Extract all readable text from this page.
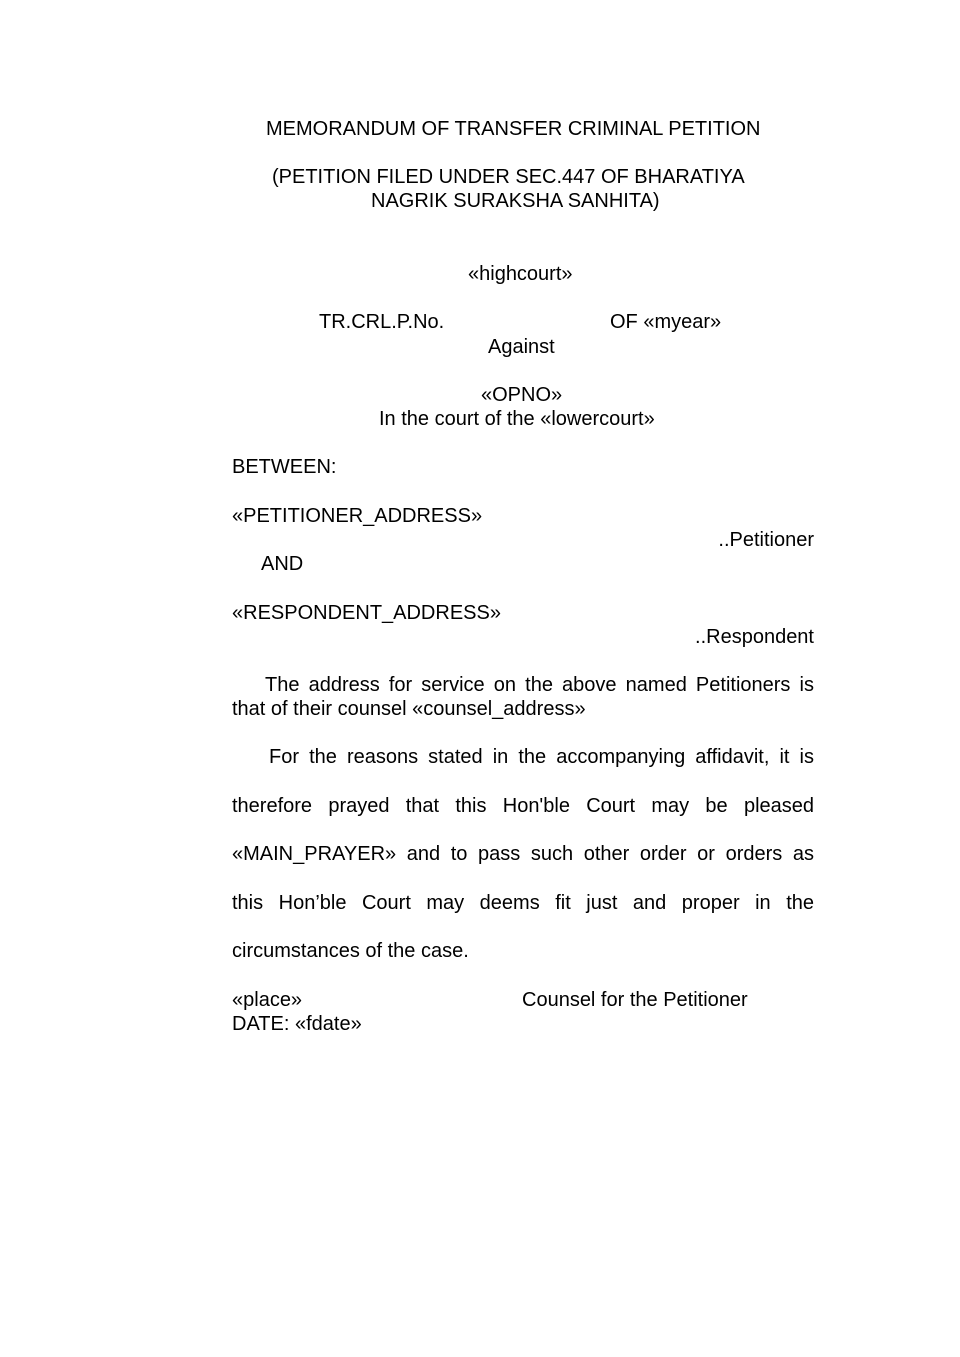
MEMORANDUM OF TRANSFER CRIMINAL PETITION
(PETITION FILED UNDER SEC.447 OF BHARATIYA
NAGRIK SURAKSHA SANHITA)
«highcourt»
TR.CRL.P.No.	OF «myear»
Against
«OPNO»
In the court of the «lowercourt»
BETWEEN:
«PETITIONER_ADDRESS»
..Petitioner
AND
«RESPONDENT_ADDRESS»
..Respondent
The address for service on the above named Petitioners is
that of their counsel «counsel_address»
For the reasons stated in the accompanying affidavit, it is
therefore prayed that this Hon'ble Court may be pleased
«MAIN_PRAYER» and to pass such other order or orders as
this Hon’ble Court may deems fit just and proper in the
circumstances of the case.
«place»	Counsel for the Petitioner
DATE: «fdate»
